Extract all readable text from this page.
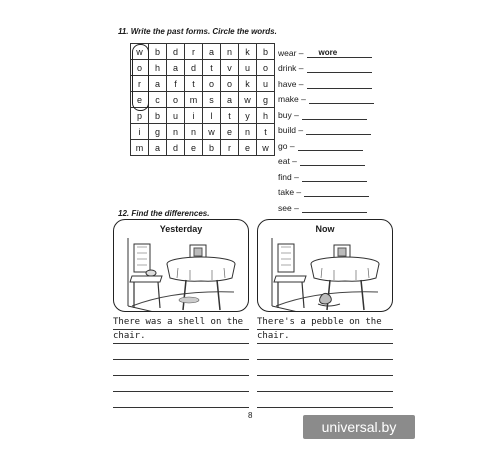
11. Write the past forms. Circle the words.
w	b	d	r	a	n	k	b
o	h	a	d	t	v	u	o
r	a	f	t	o	o	k	u
e	c	o	m	s	a	w	g
p	b	u	i	l	t	y	h
i	g	n	n	w	e	n	t
m	a	d	e	b	r	e	w
wear – wore
drink –
have –
make –
buy –
build –
go –
eat –
find –
take –
see –
12. Find the differences.
Yesterday	Now
There was a shell on the
chair.
There's a pebble on the
chair.
8
universal.by
